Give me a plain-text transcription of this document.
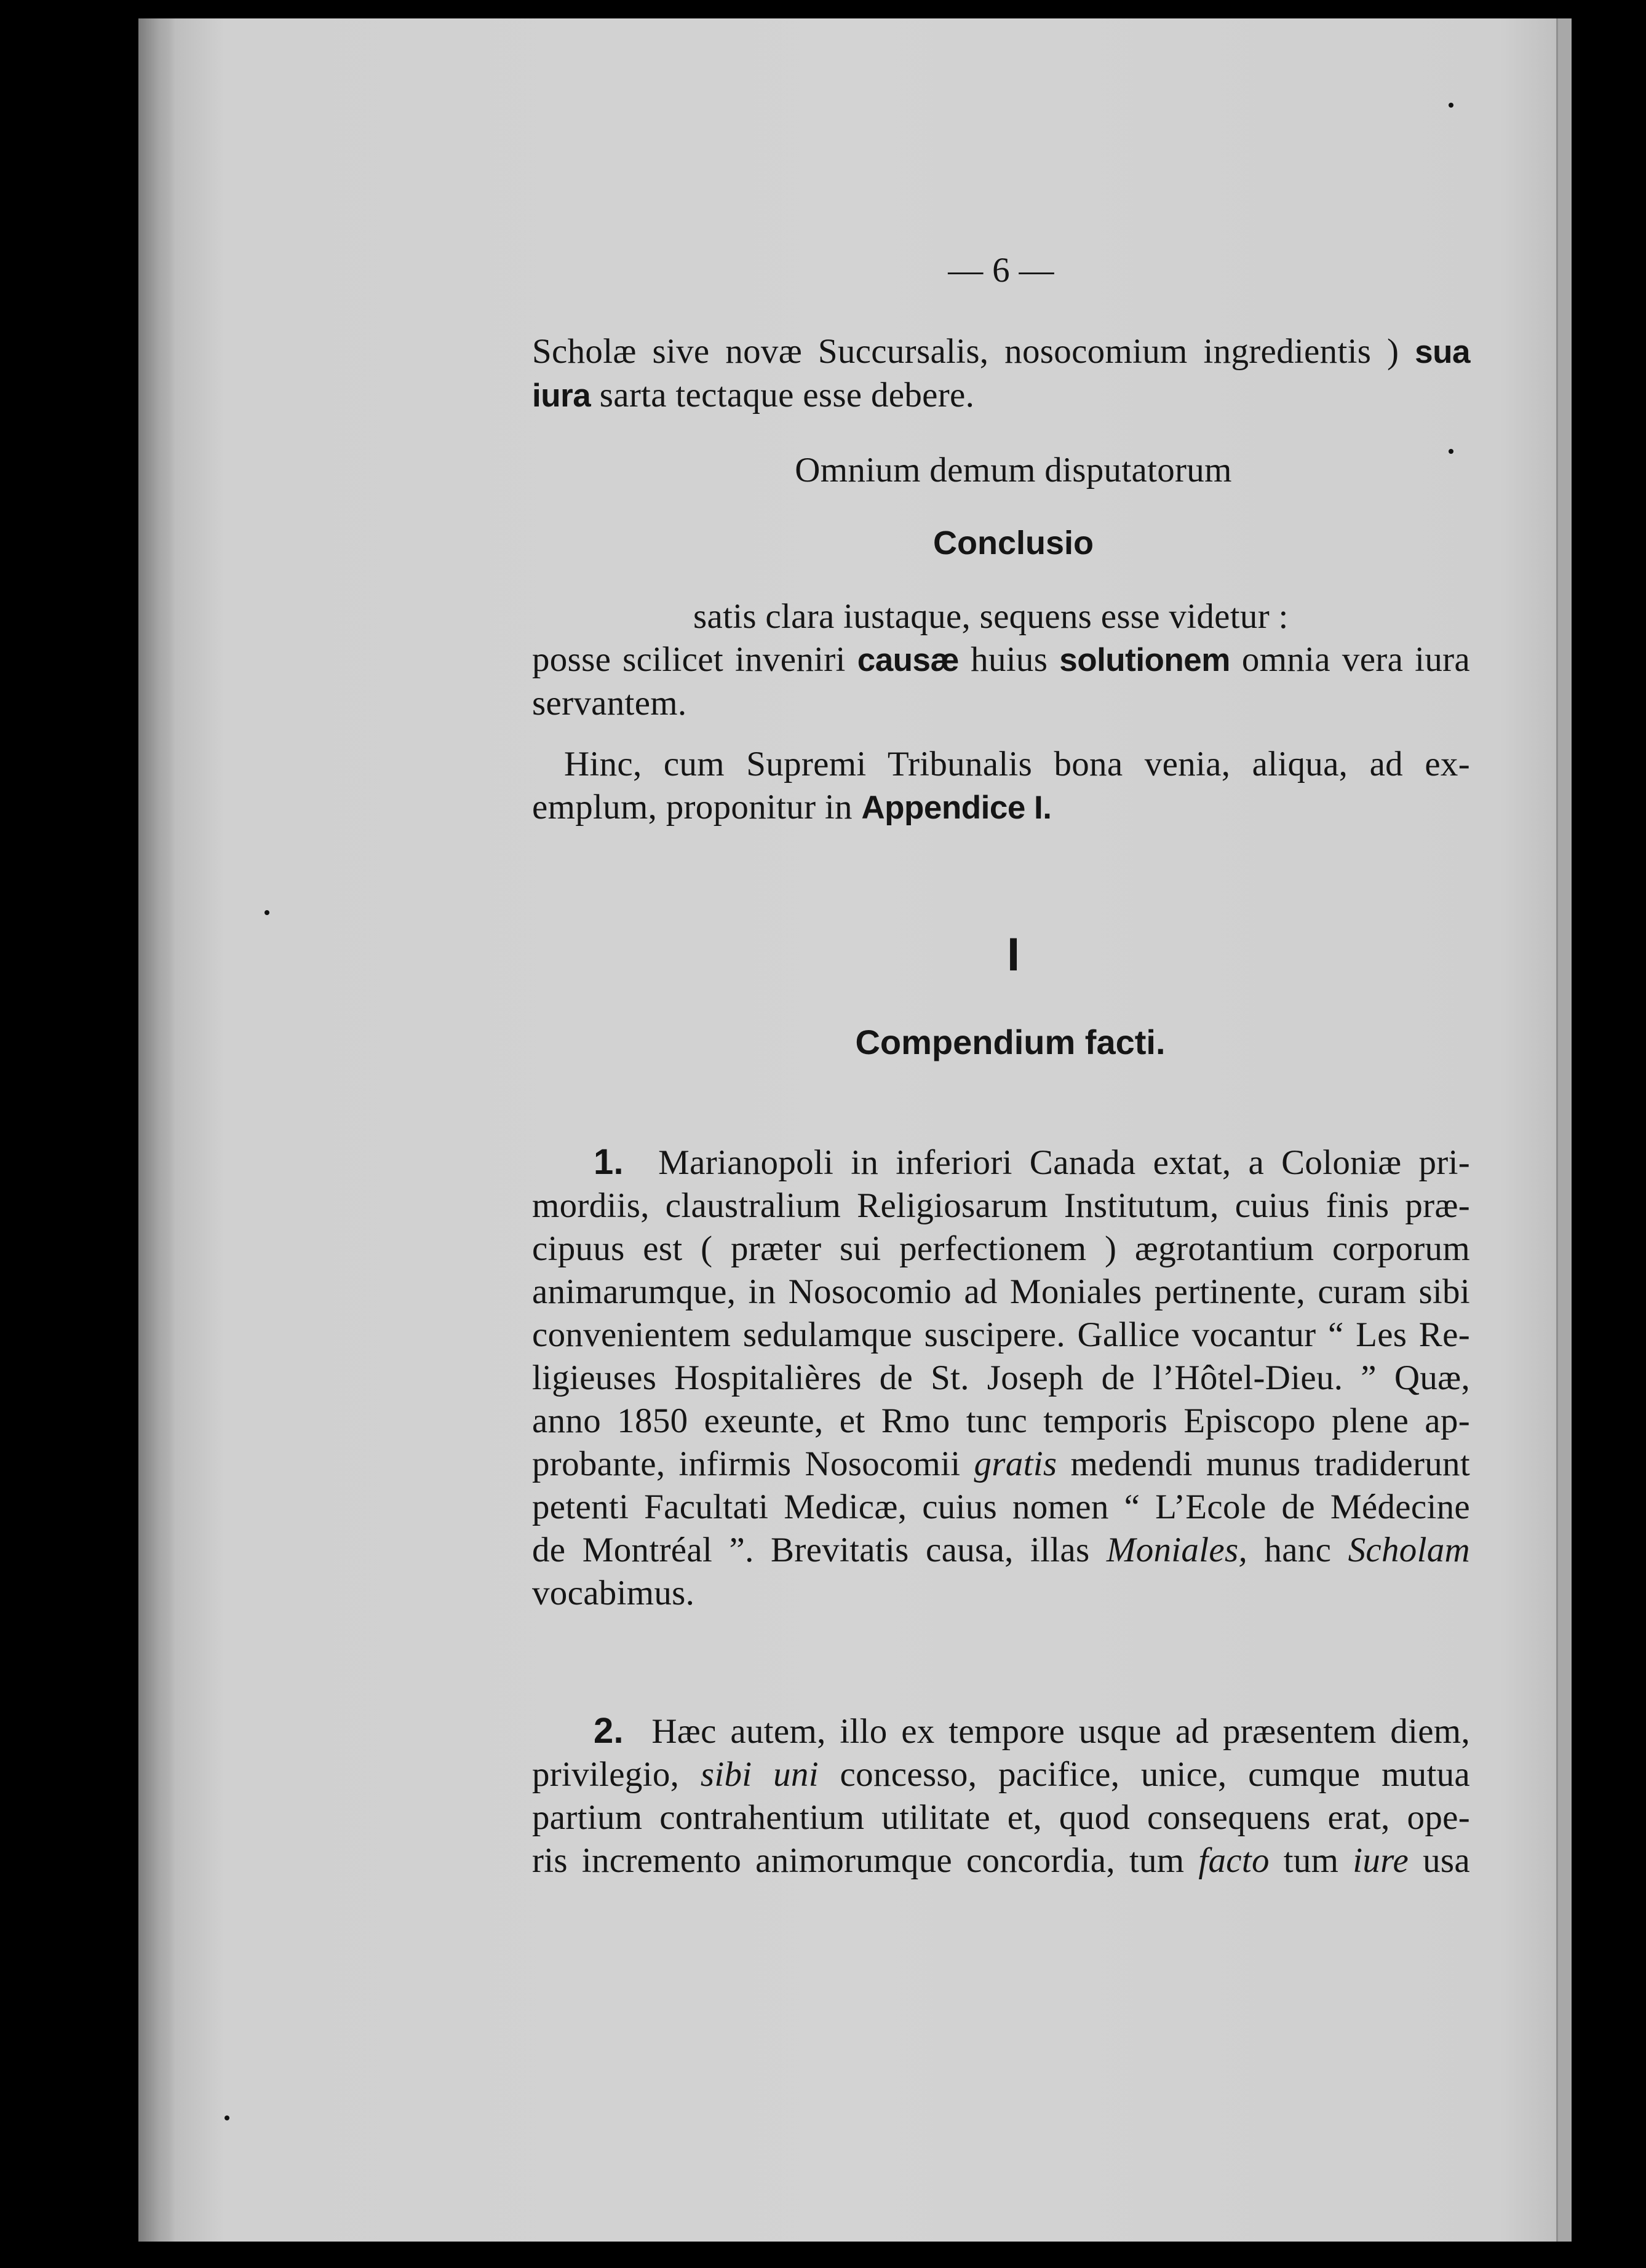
— 6 —
Scholæ sive novæ Succursalis, nosocomium ingredientis ) sua
iura sarta tectaque esse debere.
Omnium demum disputatorum
Conclusio
satis clara iustaque, sequens esse videtur :
posse scilicet inveniri causæ huius solutionem omnia vera iura
servantem.
Hinc, cum Supremi Tribunalis bona venia, aliqua, ad ex-
emplum, proponitur in Appendice I.
I
Compendium facti.
1. Marianopoli in inferiori Canada extat, a Coloniæ pri-
mordiis, claustralium Religiosarum Institutum, cuius finis præ-
cipuus est ( præter sui perfectionem ) ægrotantium corporum
animarumque, in Nosocomio ad Moniales pertinente, curam sibi
convenientem sedulamque suscipere. Gallice vocantur “ Les Re-
ligieuses Hospitalières de St. Joseph de l’Hôtel-Dieu. ” Quæ,
anno 1850 exeunte, et Rmo tunc temporis Episcopo plene ap-
probante, infirmis Nosocomii gratis medendi munus tradiderunt
petenti Facultati Medicæ, cuius nomen “ L’Ecole de Médecine
de Montréal ”. Brevitatis causa, illas Moniales, hanc Scholam
vocabimus.
2. Hæc autem, illo ex tempore usque ad præsentem diem,
privilegio, sibi uni concesso, pacifice, unice, cumque mutua
partium contrahentium utilitate et, quod consequens erat, ope-
ris incremento animorumque concordia, tum facto tum iure usa
